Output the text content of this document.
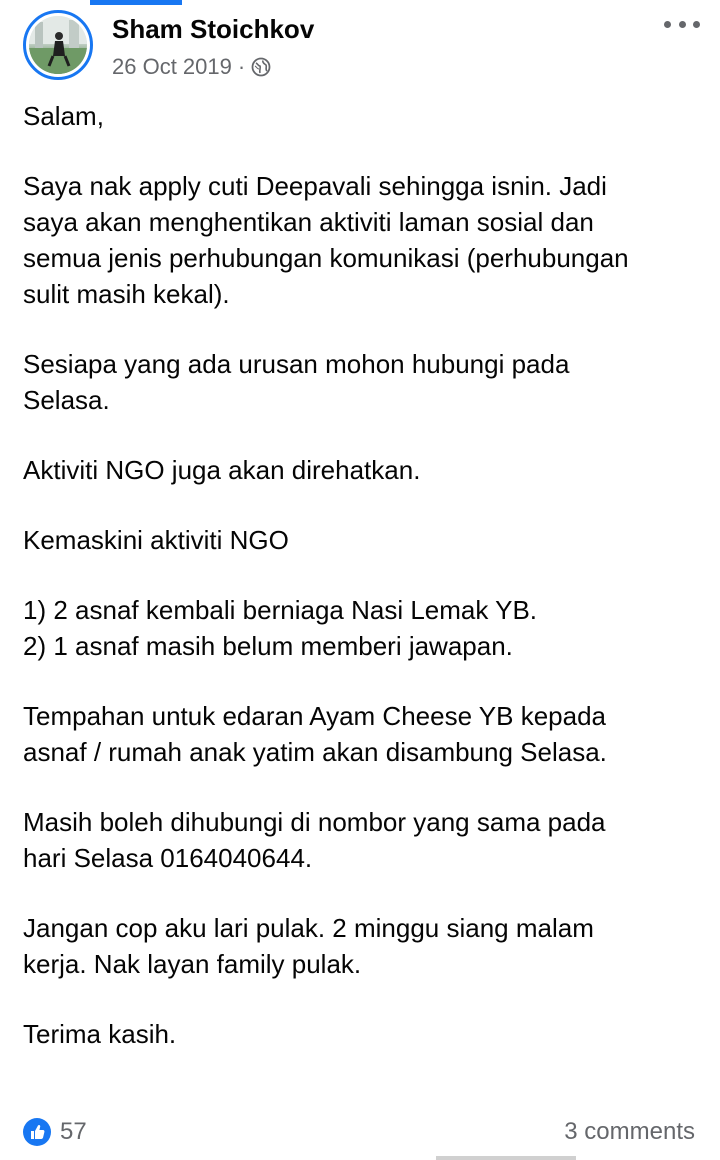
Sham Stoichkov
26 Oct 2019 ·

Salam,

Saya nak apply cuti Deepavali sehingga isnin. Jadi
saya akan menghentikan aktiviti laman sosial dan
semua jenis perhubungan komunikasi (perhubungan
sulit masih kekal).

Sesiapa yang ada urusan mohon hubungi pada
Selasa.

Aktiviti NGO juga akan direhatkan.

Kemaskini aktiviti NGO

1) 2 asnaf kembali berniaga Nasi Lemak YB.
2) 1 asnaf masih belum memberi jawapan.

Tempahan untuk edaran Ayam Cheese YB kepada
asnaf / rumah anak yatim akan disambung Selasa.

Masih boleh dihubungi di nombor yang sama pada
hari Selasa 0164040644.

Jangan cop aku lari pulak. 2 minggu siang malam
kerja. Nak layan family pulak.

Terima kasih.

57	3 comments
